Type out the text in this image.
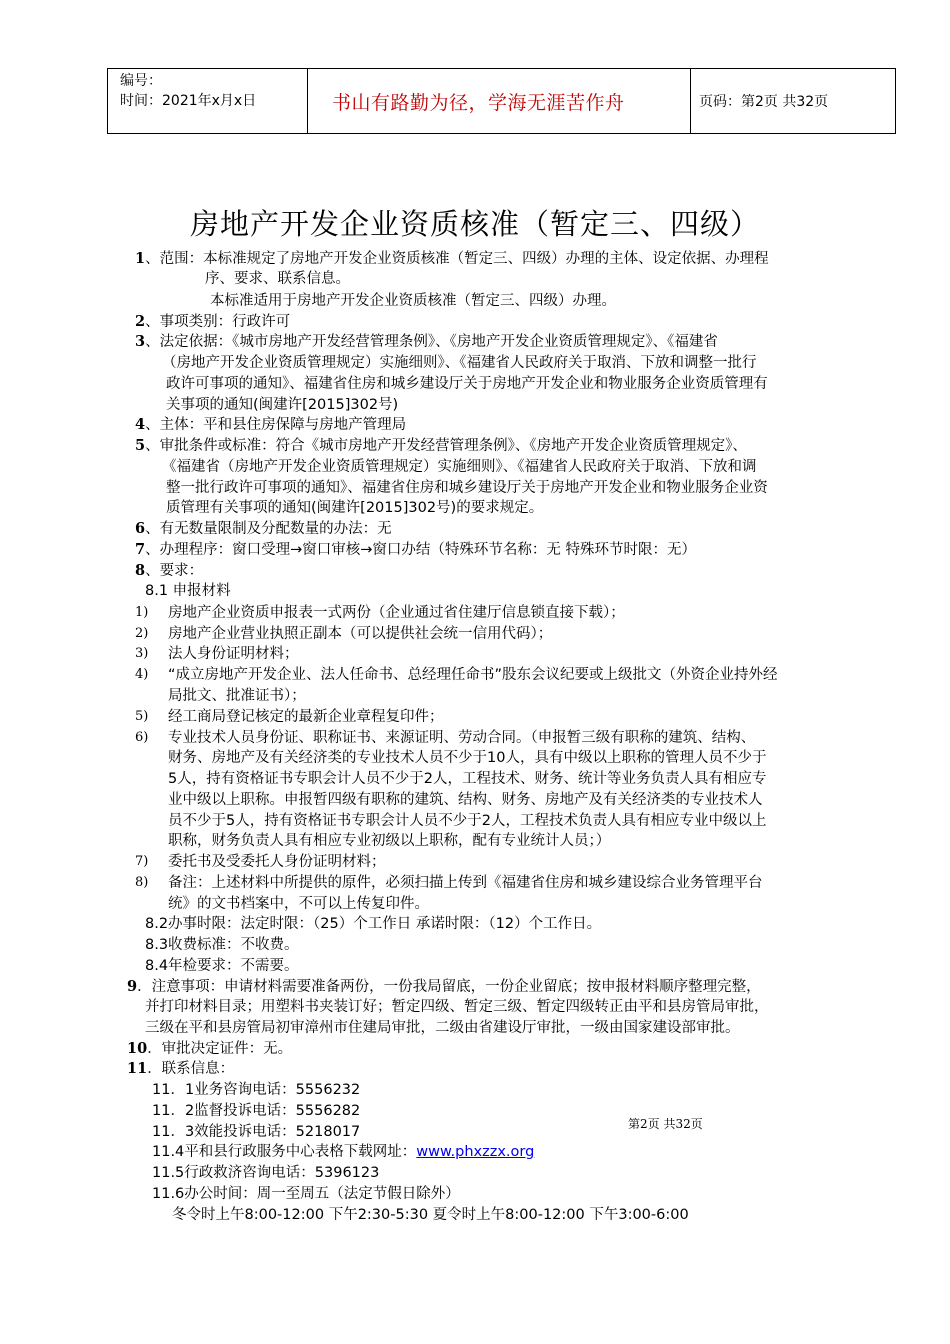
编号：
时间：2021年x月x日	书山有路勤为径，学海无涯苦作舟	页码：第2页 共32页
房地产开发企业资质核准（暂定三、四级）
1、范围：本标准规定了房地产开发企业资质核准（暂定三、四级）办理的主体、设定依据、办理程
序、要求、联系信息。
本标准适用于房地产开发企业资质核准（暂定三、四级）办理。
2、事项类别：行政许可
3、法定依据：《城市房地产开发经营管理条例》、《房地产开发企业资质管理规定》、《福建省
（房地产开发企业资质管理规定）实施细则》、《福建省人民政府关于取消、下放和调整一批行
政许可事项的通知》、福建省住房和城乡建设厅关于房地产开发企业和物业服务企业资质管理有
关事项的通知(闽建许[2015]302号)
4、主体：平和县住房保障与房地产管理局
5、审批条件或标准：符合《城市房地产开发经营管理条例》、《房地产开发企业资质管理规定》、
《福建省（房地产开发企业资质管理规定）实施细则》、《福建省人民政府关于取消、下放和调
整一批行政许可事项的通知》、福建省住房和城乡建设厅关于房地产开发企业和物业服务企业资
质管理有关事项的通知(闽建许[2015]302号)的要求规定。
6、有无数量限制及分配数量的办法：无
7、办理程序：窗口受理→窗口审核→窗口办结（特殊环节名称：无 特殊环节时限：无）
8、要求：
8.1 申报材料
1) 房地产企业资质申报表一式两份（企业通过省住建厅信息锁直接下载）；
2) 房地产企业营业执照正副本（可以提供社会统一信用代码）；
3) 法人身份证明材料；
4) “成立房地产开发企业、法人任命书、总经理任命书”股东会议纪要或上级批文（外资企业持外经
局批文、批准证书）；
5) 经工商局登记核定的最新企业章程复印件；
6) 专业技术人员身份证、职称证书、来源证明、劳动合同。（申报暂三级有职称的建筑、结构、
财务、房地产及有关经济类的专业技术人员不少于10人，具有中级以上职称的管理人员不少于
5人，持有资格证书专职会计人员不少于2人，工程技术、财务、统计等业务负责人具有相应专
业中级以上职称。申报暂四级有职称的建筑、结构、财务、房地产及有关经济类的专业技术人
员不少于5人，持有资格证书专职会计人员不少于2人，工程技术负责人具有相应专业中级以上
职称，财务负责人具有相应专业初级以上职称，配有专业统计人员；）
7) 委托书及受委托人身份证明材料；
8) 备注：上述材料中所提供的原件，必须扫描上传到《福建省住房和城乡建设综合业务管理平台
统》的文书档案中，不可以上传复印件。
8.2办事时限：法定时限：（25）个工作日 承诺时限：（12）个工作日。
8.3收费标准：不收费。
8.4年检要求：不需要。
9．注意事项：申请材料需要准备两份，一份我局留底，一份企业留底；按申报材料顺序整理完整，
并打印材料目录；用塑料书夹装订好；暂定四级、暂定三级、暂定四级转正由平和县房管局审批，
三级在平和县房管局初审漳州市住建局审批，二级由省建设厅审批，一级由国家建设部审批。
10．审批决定证件：无。
11．联系信息：
11．1业务咨询电话：5556232
11．2监督投诉电话：5556282
11．3效能投诉电话：5218017
11.4平和县行政服务中心表格下载网址：www.phxzzx.org
11.5行政救济咨询电话：5396123
11.6办公时间：周一至周五（法定节假日除外）
冬令时上午8:00-12:00 下午2:30-5:30 夏令时上午8:00-12:00 下午3:00-6:00
第2页 共32页
